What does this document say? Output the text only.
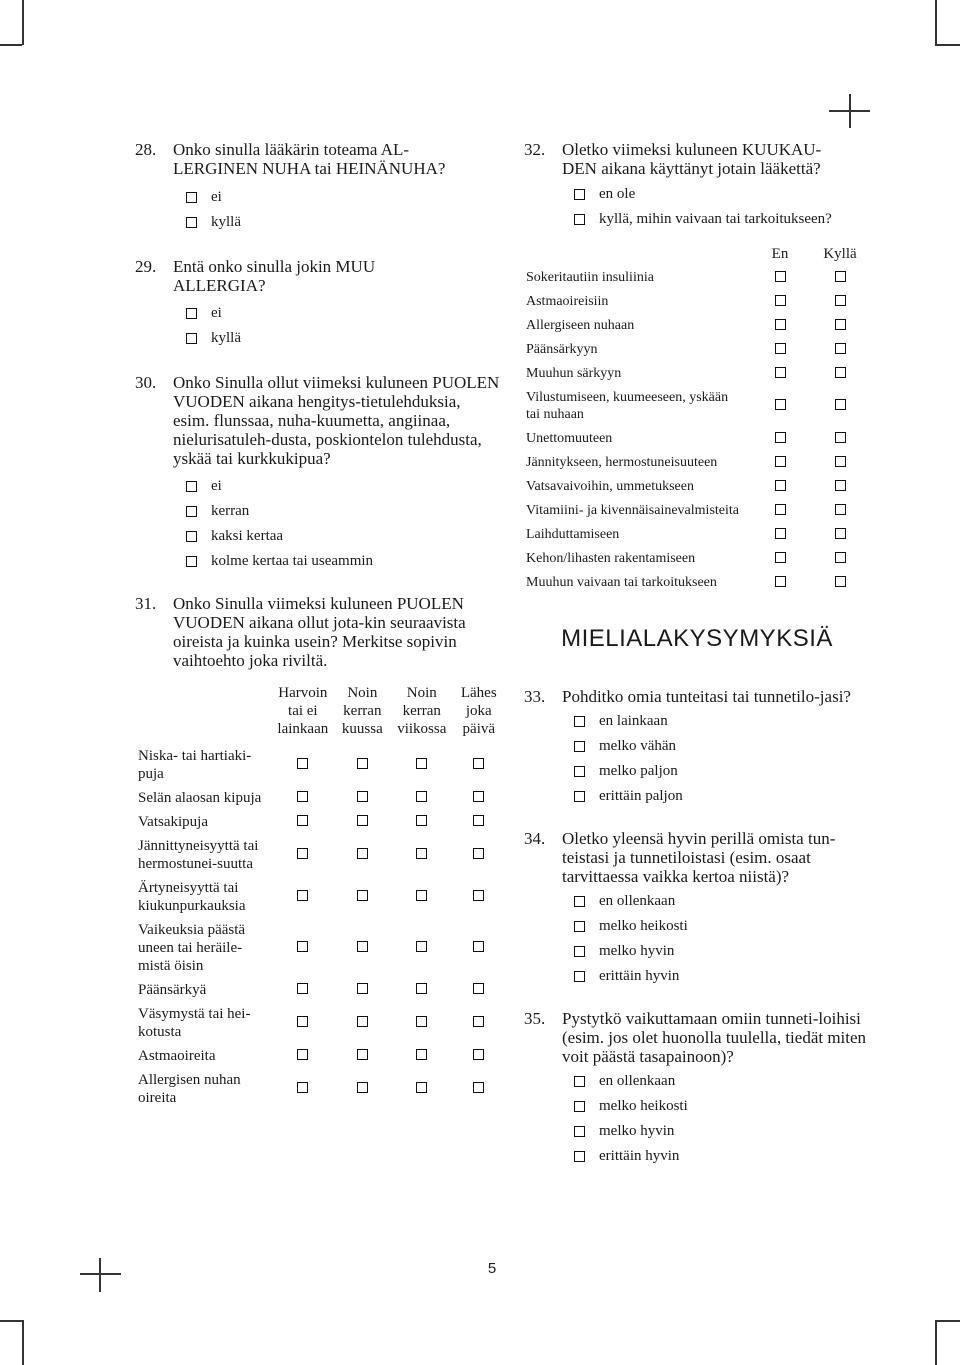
28. Onko sinulla lääkärin toteama AL-LERGINEN NUHA tai HEINÄNUHA?
ei
kyllä
29. Entä onko sinulla jokin MUU ALLERGIA?
ei
kyllä
30. Onko Sinulla ollut viimeksi kuluneen PUOLEN VUODEN aikana hengitys-tietulehduksia, esim. flunssaa, nuha-kuumetta, angiinaa, nielurisatuleh-dusta, poskiontelon tulehdusta, yskää tai kurkkukipua?
ei
kerran
kaksi kertaa
kolme kertaa tai useammin
31. Onko Sinulla viimeksi kuluneen PUOLEN VUODEN aikana ollut jota-kin seuraavista oireista ja kuinka usein? Merkitse sopivin vaihtoehto joka riviltä.
	Harvoin tai ei lainkaan	Noin kerran kuussa	Noin kerran viikossa	Lähes joka päivä
Niska- tai hartiaki-puja				
Selän alaosan kipuja				
Vatsakipuja				
Jännittyneisyyttä tai hermostunei-suutta				
Ärtyneisyyttä tai kiukunpurkauksia				
Vaikeuksia päästä uneen tai heräile-mistä öisin				
Päänsärkyä				
Väsymystä tai hei-kotusta				
Astmaoireita				
Allergisen nuhan oireita				
32. Oletko viimeksi kuluneen KUUKAU-DEN aikana käyttänyt jotain lääkettä?
en ole
kyllä, mihin vaivaan tai tarkoitukseen?
	En	Kyllä
Sokeritautiin insuliinia		
Astmaoireisiin		
Allergiseen nuhaan		
Päänsärkyyn		
Muuhun särkyyn		
Vilustumiseen, kuumeeseen, yskään tai nuhaan		
Unettomuuteen		
Jännitykseen, hermostuneisuuteen		
Vatsavaivoihin, ummetukseen		
Vitamiini- ja kivennäisainevalmisteita		
Laihduttamiseen		
Kehon/lihasten rakentamiseen		
Muuhun vaivaan tai tarkoitukseen		
MIELIALAKYSYMYKSIÄ
33. Pohditko omia tunteitasi tai tunnetilo-jasi?
en lainkaan
melko vähän
melko paljon
erittäin paljon
34. Oletko yleensä hyvin perillä omista tun-teistasi ja tunnetiloistasi (esim. osaat tarvittaessa vaikka kertoa niistä)?
en ollenkaan
melko heikosti
melko hyvin
erittäin hyvin
35. Pystytkö vaikuttamaan omiin tunneti-loihisi (esim. jos olet huonolla tuulella, tiedät miten voit päästä tasapainoon)?
en ollenkaan
melko heikosti
melko hyvin
erittäin hyvin
5
